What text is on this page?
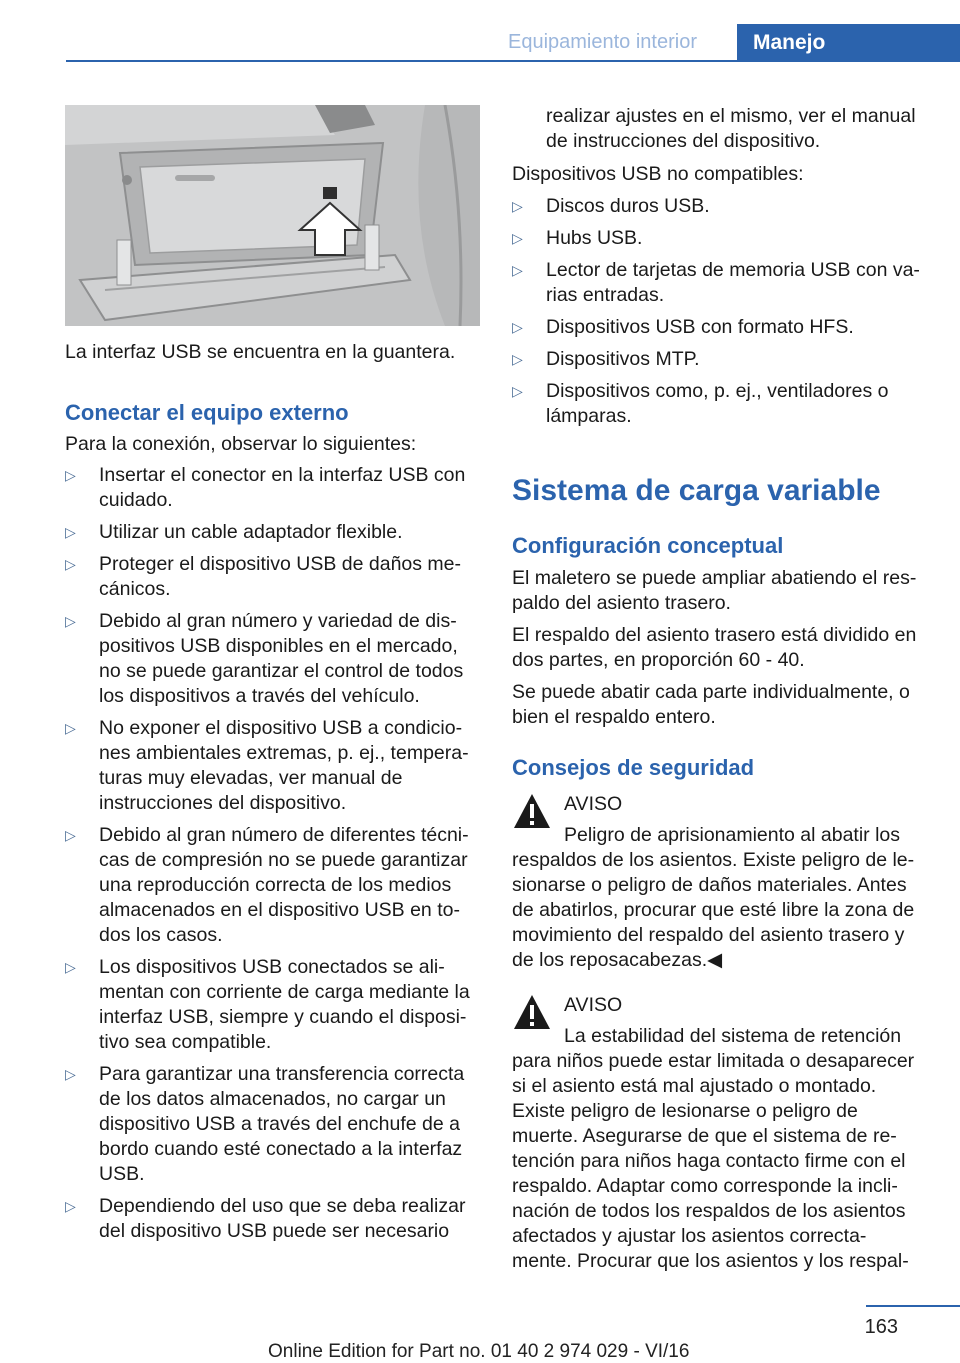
Equipamiento interior	Manejo
La interfaz USB se encuentra en la guantera.
Conectar el equipo externo

Para la conexión, observar lo siguientes:

▷ Insertar el conector en la interfaz USB con cuidado.
▷ Utilizar un cable adaptador flexible.
▷ Proteger el dispositivo USB de daños me‐ cánicos.
▷ Debido al gran número y variedad de dis‐ positivos USB disponibles en el mercado, no se puede garantizar el control de todos los dispositivos a través del vehículo.
▷ No exponer el dispositivo USB a condicio‐ nes ambientales extremas, p. ej., tempera‐ turas muy elevadas, ver manual de instrucciones del dispositivo.
▷ Debido al gran número de diferentes técni‐ cas de compresión no se puede garantizar una reproducción correcta de los medios almacenados en el dispositivo USB en to‐ dos los casos.
▷ Los dispositivos USB conectados se ali‐ mentan con corriente de carga mediante la interfaz USB, siempre y cuando el disposi‐ tivo sea compatible.
▷ Para garantizar una transferencia correcta de los datos almacenados, no cargar un dispositivo USB a través del enchufe de a bordo cuando esté conectado a la interfaz USB.
▷ Dependiendo del uso que se deba realizar del dispositivo USB puede ser necesario

realizar ajustes en el mismo, ver el manual de instrucciones del dispositivo.

Dispositivos USB no compatibles:

▷ Discos duros USB.
▷ Hubs USB.
▷ Lector de tarjetas de memoria USB con va‐ rias entradas.
▷ Dispositivos USB con formato HFS.
▷ Dispositivos MTP.
▷ Dispositivos como, p. ej., ventiladores o lámparas.
Sistema de carga variable
Configuración conceptual

El maletero se puede ampliar abatiendo el res‐ paldo del asiento trasero.

El respaldo del asiento trasero está dividido en dos partes, en proporción 60 - 40.

Se puede abatir cada parte individualmente, o bien el respaldo entero.

Consejos de seguridad

AVISO

Peligro de aprisionamiento al abatir los respaldos de los asientos. Existe peligro de le‐ sionarse o peligro de daños materiales. Antes de abatirlos, procurar que esté libre la zona de movimiento del respaldo del asiento trasero y de los reposacabezas.◀

AVISO

La estabilidad del sistema de retención para niños puede estar limitada o desaparecer si el asiento está mal ajustado o montado. Existe peligro de lesionarse o peligro de muerte. Asegurarse de que el sistema de re‐ tención para niños haga contacto firme con el respaldo. Adaptar como corresponde la incli‐ nación de todos los respaldos de los asientos afectados y ajustar los asientos correcta‐ mente. Procurar que los asientos y los respal‐

163
Online Edition for Part no. 01 40 2 974 029 - VI/16
